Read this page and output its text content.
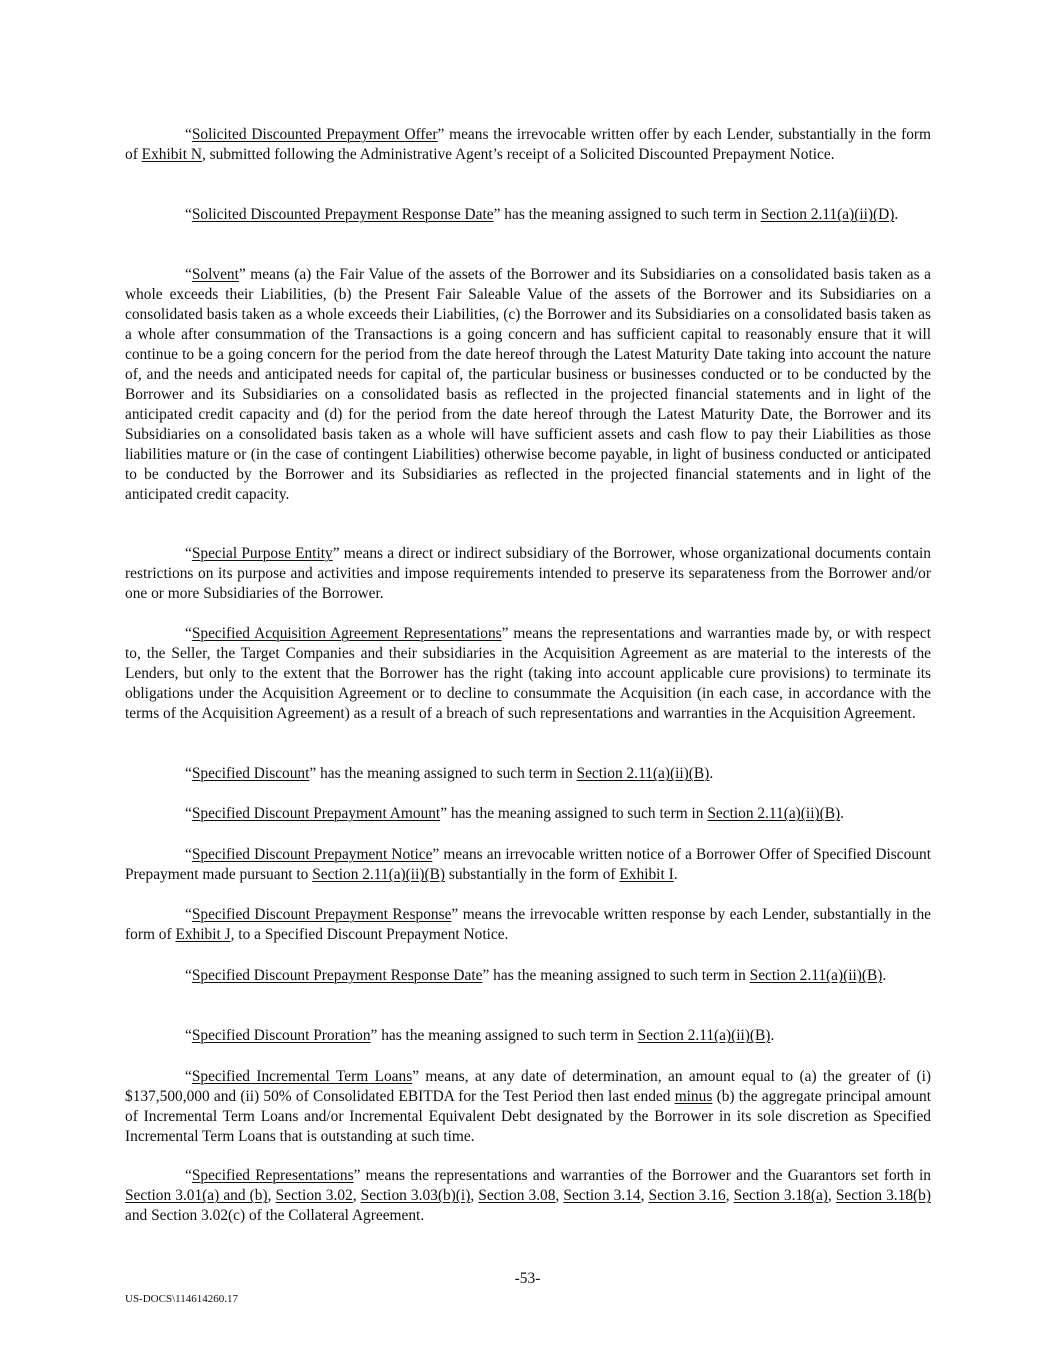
“Solicited Discounted Prepayment Offer” means the irrevocable written offer by each Lender, substantially in the form of Exhibit N, submitted following the Administrative Agent’s receipt of a Solicited Discounted Prepayment Notice.

“Solicited Discounted Prepayment Response Date” has the meaning assigned to such term in Section 2.11(a)(ii)(D).

“Solvent” means (a) the Fair Value of the assets of the Borrower and its Subsidiaries on a consolidated basis taken as a whole exceeds their Liabilities, (b) the Present Fair Saleable Value of the assets of the Borrower and its Subsidiaries on a consolidated basis taken as a whole exceeds their Liabilities, (c) the Borrower and its Subsidiaries on a consolidated basis taken as a whole after consummation of the Transactions is a going concern and has sufficient capital to reasonably ensure that it will continue to be a going concern for the period from the date hereof through the Latest Maturity Date taking into account the nature of, and the needs and anticipated needs for capital of, the particular business or businesses conducted or to be conducted by the Borrower and its Subsidiaries on a consolidated basis as reflected in the projected financial statements and in light of the anticipated credit capacity and (d) for the period from the date hereof through the Latest Maturity Date, the Borrower and its Subsidiaries on a consolidated basis taken as a whole will have sufficient assets and cash flow to pay their Liabilities as those liabilities mature or (in the case of contingent Liabilities) otherwise become payable, in light of business conducted or anticipated to be conducted by the Borrower and its Subsidiaries as reflected in the projected financial statements and in light of the anticipated credit capacity.

“Special Purpose Entity” means a direct or indirect subsidiary of the Borrower, whose organizational documents contain restrictions on its purpose and activities and impose requirements intended to preserve its separateness from the Borrower and/or one or more Subsidiaries of the Borrower.

“Specified Acquisition Agreement Representations” means the representations and warranties made by, or with respect to, the Seller, the Target Companies and their subsidiaries in the Acquisition Agreement as are material to the interests of the Lenders, but only to the extent that the Borrower has the right (taking into account applicable cure provisions) to terminate its obligations under the Acquisition Agreement or to decline to consummate the Acquisition (in each case, in accordance with the terms of the Acquisition Agreement) as a result of a breach of such representations and warranties in the Acquisition Agreement.

“Specified Discount” has the meaning assigned to such term in Section 2.11(a)(ii)(B).

“Specified Discount Prepayment Amount” has the meaning assigned to such term in Section 2.11(a)(ii)(B).

“Specified Discount Prepayment Notice” means an irrevocable written notice of a Borrower Offer of Specified Discount Prepayment made pursuant to Section 2.11(a)(ii)(B) substantially in the form of Exhibit I.

“Specified Discount Prepayment Response” means the irrevocable written response by each Lender, substantially in the form of Exhibit J, to a Specified Discount Prepayment Notice.

“Specified Discount Prepayment Response Date” has the meaning assigned to such term in Section 2.11(a)(ii)(B).

“Specified Discount Proration” has the meaning assigned to such term in Section 2.11(a)(ii)(B).

“Specified Incremental Term Loans” means, at any date of determination, an amount equal to (a) the greater of (i) $137,500,000 and (ii) 50% of Consolidated EBITDA for the Test Period then last ended minus (b) the aggregate principal amount of Incremental Term Loans and/or Incremental Equivalent Debt designated by the Borrower in its sole discretion as Specified Incremental Term Loans that is outstanding at such time.

“Specified Representations” means the representations and warranties of the Borrower and the Guarantors set forth in Section 3.01(a) and (b), Section 3.02, Section 3.03(b)(i), Section 3.08, Section 3.14, Section 3.16, Section 3.18(a), Section 3.18(b) and Section 3.02(c) of the Collateral Agreement.

-53-
US-DOCS\114614260.17
